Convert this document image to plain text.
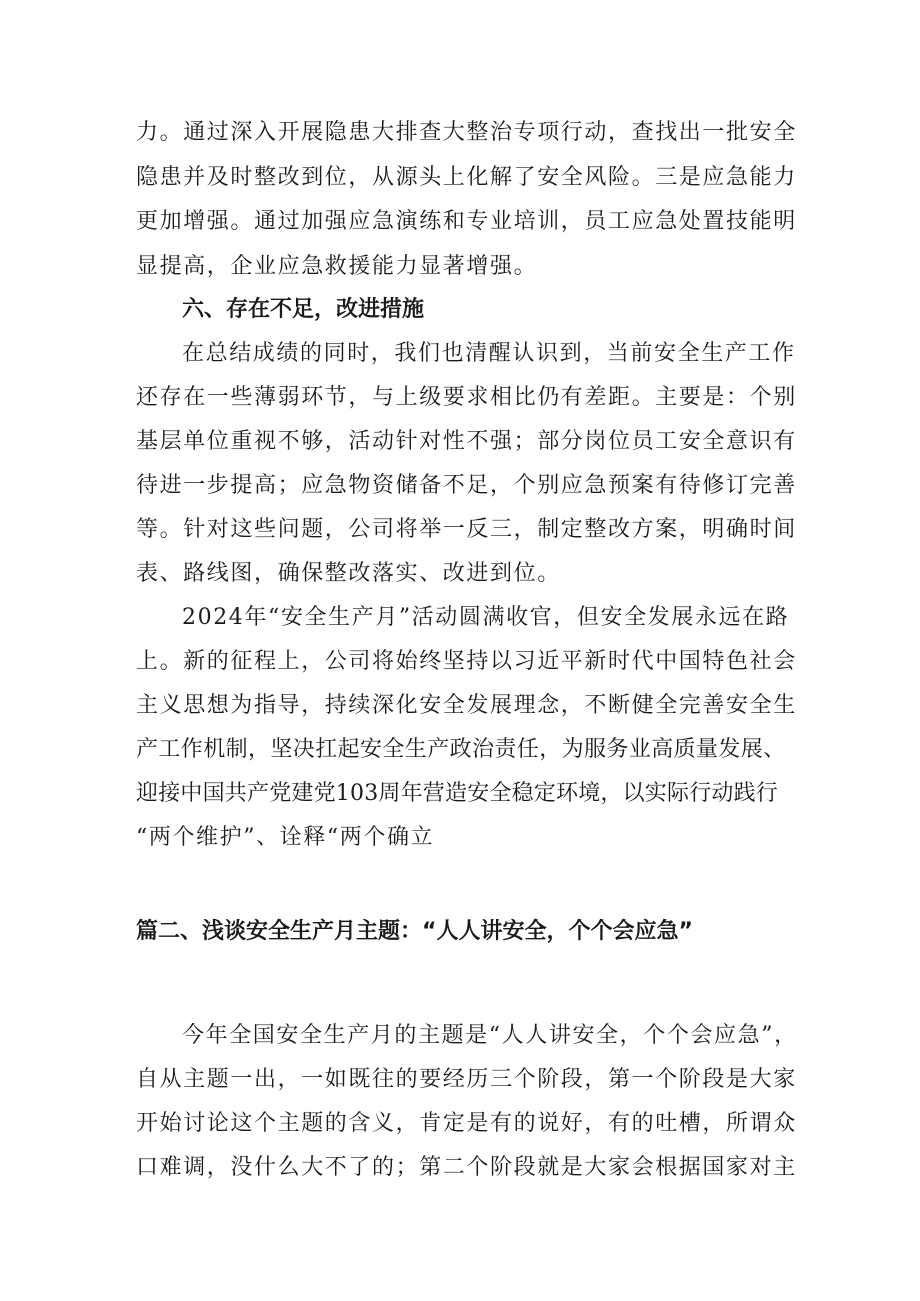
力。通过深入开展隐患大排查大整治专项行动，查找出一批安全
隐患并及时整改到位，从源头上化解了安全风险。三是应急能力
更加增强。通过加强应急演练和专业培训，员工应急处置技能明
显提高，企业应急救援能力显著增强。
六、存在不足，改进措施
在总结成绩的同时，我们也清醒认识到，当前安全生产工作
还存在一些薄弱环节，与上级要求相比仍有差距。主要是：个别
基层单位重视不够，活动针对性不强；部分岗位员工安全意识有
待进一步提高；应急物资储备不足，个别应急预案有待修订完善
等。针对这些问题，公司将举一反三，制定整改方案，明确时间
表、路线图，确保整改落实、改进到位。
2024年“安全生产月”活动圆满收官，但安全发展永远在路
上。新的征程上，公司将始终坚持以习近平新时代中国特色社会
主义思想为指导，持续深化安全发展理念，不断健全完善安全生
产工作机制，坚决扛起安全生产政治责任，为服务业高质量发展、
迎接中国共产党建党103周年营造安全稳定环境，以实际行动践行
“两个维护”、诠释“两个确立
篇二、浅谈安全生产月主题：“人人讲安全，个个会应急”
今年全国安全生产月的主题是“人人讲安全，个个会应急”，
自从主题一出，一如既往的要经历三个阶段，第一个阶段是大家
开始讨论这个主题的含义，肯定是有的说好，有的吐槽，所谓众
口难调，没什么大不了的；第二个阶段就是大家会根据国家对主
